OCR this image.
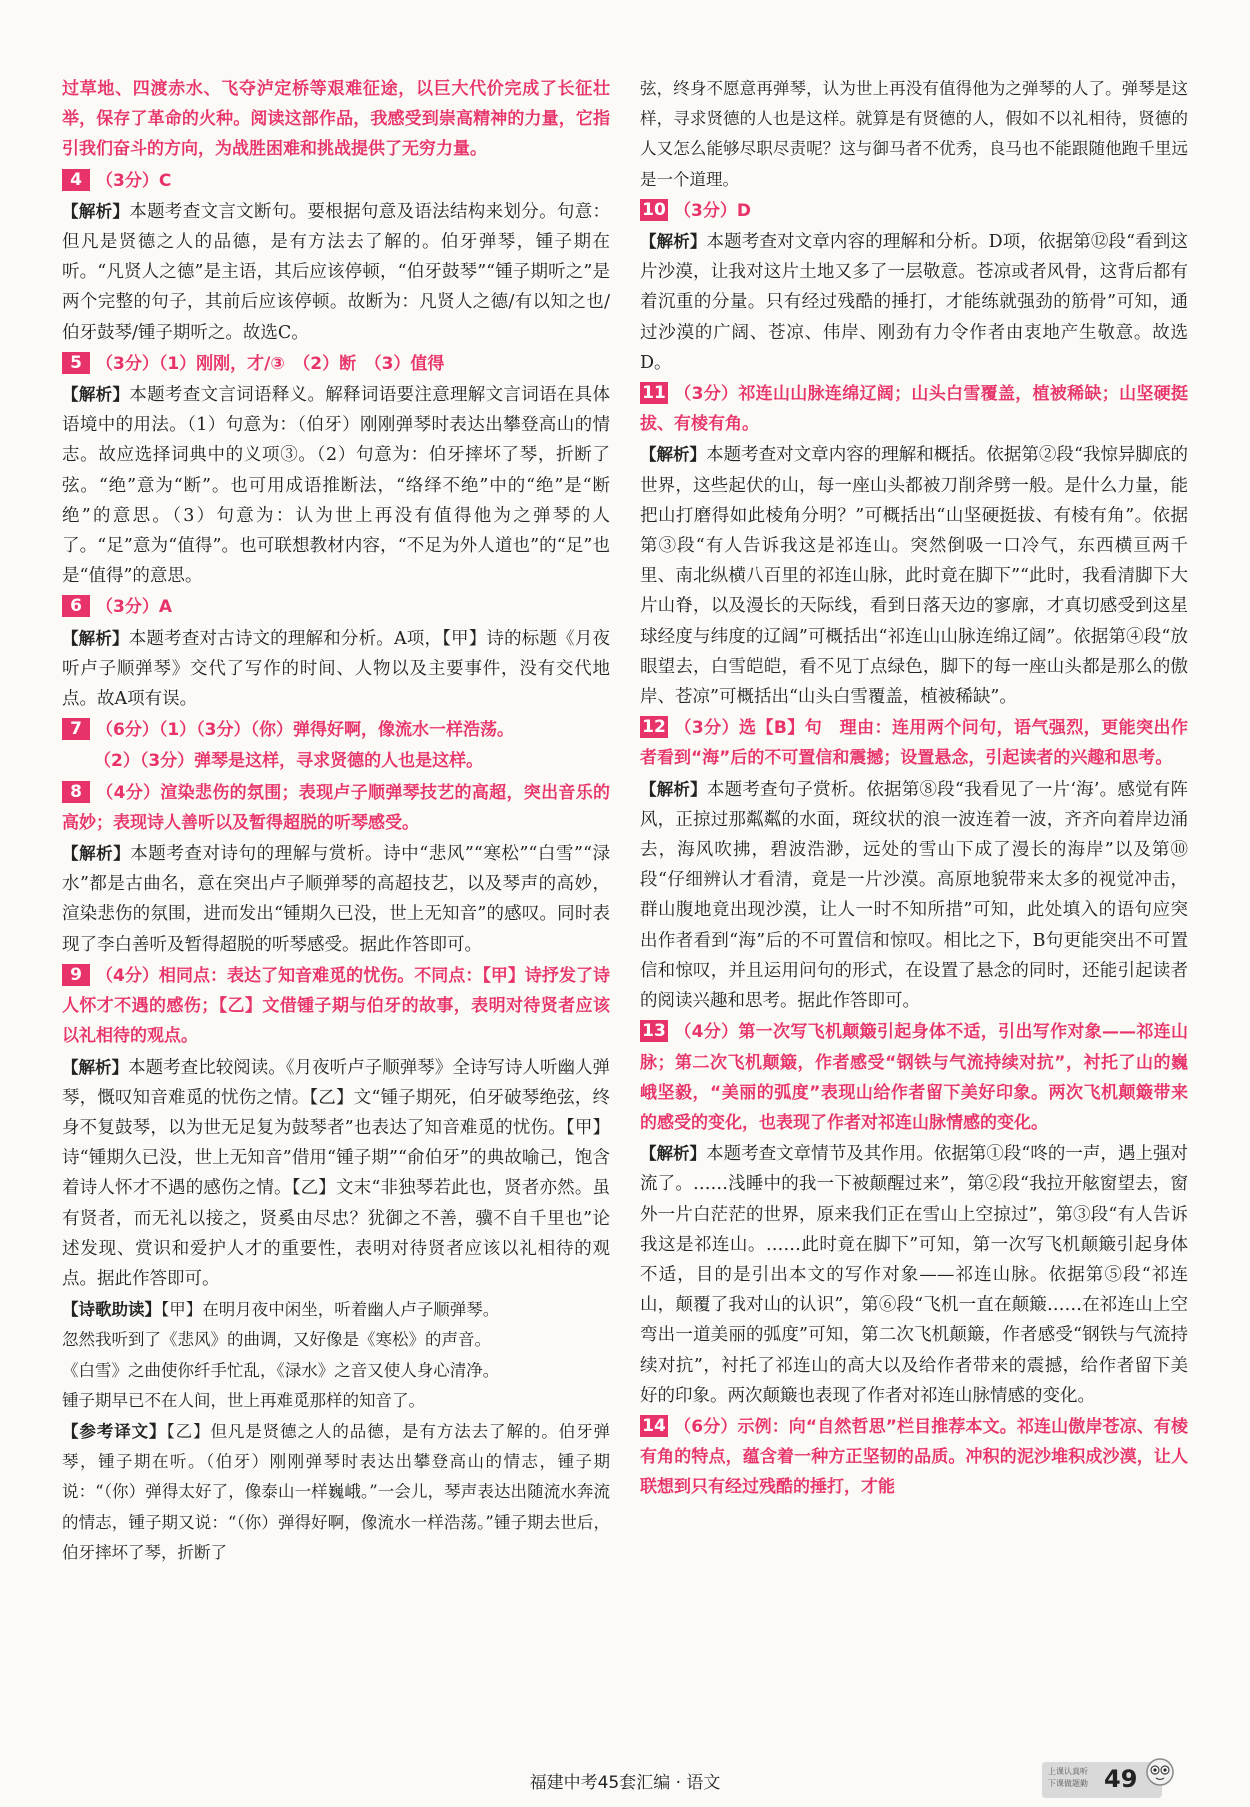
过草地、四渡赤水、飞夺泸定桥等艰难征途，以巨大代价完成了长征壮举，保存了革命的火种。阅读这部作品，我感受到崇高精神的力量，它指引我们奋斗的方向，为战胜困难和挑战提供了无穷力量。
4 （3分）C
【解析】本题考查文言文断句。要根据句意及语法结构来划分。句意：但凡是贤德之人的品德，是有方法去了解的。伯牙弹琴，锺子期在听。“凡贤人之德”是主语，其后应该停顿，“伯牙鼓琴”“锺子期听之”是两个完整的句子，其前后应该停顿。故断为：凡贤人之德/有以知之也/伯牙鼓琴/锺子期听之。故选C。
5 （3分）（1）刚刚，才/③　（2）断　（3）值得
【解析】本题考查文言词语释义。解释词语要注意理解文言词语在具体语境中的用法。（1）句意为：（伯牙）刚刚弹琴时表达出攀登高山的情志。故应选择词典中的义项③。（2）句意为：伯牙摔坏了琴，折断了弦。“绝”意为“断”。也可用成语推断法，“络绎不绝”中的“绝”是“断绝”的意思。（3）句意为：认为世上再没有值得他为之弹琴的人了。“足”意为“值得”。也可联想教材内容，“不足为外人道也”的“足”也是“值得”的意思。
6 （3分）A
【解析】本题考查对古诗文的理解和分析。A项，【甲】诗的标题《月夜听卢子顺弹琴》交代了写作的时间、人物以及主要事件，没有交代地点。故A项有误。
7 （6分）（1）（3分）（你）弹得好啊，像流水一样浩荡。
（2）（3分）弹琴是这样，寻求贤德的人也是这样。
8 （4分）渲染悲伤的氛围；表现卢子顺弹琴技艺的高超，突出音乐的高妙；表现诗人善听以及暂得超脱的听琴感受。
【解析】本题考查对诗句的理解与赏析。诗中“悲风”“寒松”“白雪”“渌水”都是古曲名，意在突出卢子顺弹琴的高超技艺，以及琴声的高妙，渲染悲伤的氛围，进而发出“锺期久已没，世上无知音”的感叹。同时表现了李白善听及暂得超脱的听琴感受。据此作答即可。
9 （4分）相同点：表达了知音难觅的忧伤。不同点：【甲】诗抒发了诗人怀才不遇的感伤；【乙】文借锺子期与伯牙的故事，表明对待贤者应该以礼相待的观点。
【解析】本题考查比较阅读。《月夜听卢子顺弹琴》全诗写诗人听幽人弹琴，慨叹知音难觅的忧伤之情。【乙】文“锺子期死，伯牙破琴绝弦，终身不复鼓琴，以为世无足复为鼓琴者”也表达了知音难觅的忧伤。【甲】诗“锺期久已没，世上无知音”借用“锺子期”“俞伯牙”的典故喻己，饱含着诗人怀才不遇的感伤之情。【乙】文末“非独琴若此也，贤者亦然。虽有贤者，而无礼以接之，贤奚由尽忠？犹御之不善，骥不自千里也”论述发现、赏识和爱护人才的重要性，表明对待贤者应该以礼相待的观点。据此作答即可。
【诗歌助读】【甲】在明月夜中闲坐，听着幽人卢子顺弹琴。
忽然我听到了《悲风》的曲调，又好像是《寒松》的声音。
《白雪》之曲使你纤手忙乱，《渌水》之音又使人身心清净。
锺子期早已不在人间，世上再难觅那样的知音了。
【参考译文】【乙】但凡是贤德之人的品德，是有方法去了解的。伯牙弹琴，锺子期在听。（伯牙）刚刚弹琴时表达出攀登高山的情志，锺子期说：“（你）弹得太好了，像泰山一样巍峨。”一会儿，琴声表达出随流水奔流的情志，锺子期又说：“（你）弹得好啊，像流水一样浩荡。”锺子期去世后，伯牙摔坏了琴，折断了
弦，终身不愿意再弹琴，认为世上再没有值得他为之弹琴的人了。弹琴是这样，寻求贤德的人也是这样。就算是有贤德的人，假如不以礼相待，贤德的人又怎么能够尽职尽责呢？这与御马者不优秀，良马也不能跟随他跑千里远是一个道理。
10 （3分）D
【解析】本题考查对文章内容的理解和分析。D项，依据第⑫段“看到这片沙漠，让我对这片土地又多了一层敬意。苍凉或者风骨，这背后都有着沉重的分量。只有经过残酷的捶打，才能练就强劲的筋骨”可知，通过沙漠的广阔、苍凉、伟岸、刚劲有力令作者由衷地产生敬意。故选D。
11 （3分）祁连山山脉连绵辽阔；山头白雪覆盖，植被稀缺；山坚硬挺拔、有棱有角。
【解析】本题考查对文章内容的理解和概括。依据第②段“我惊异脚底的世界，这些起伏的山，每一座山头都被刀削斧劈一般。是什么力量，能把山打磨得如此棱角分明？”可概括出“山坚硬挺拔、有棱有角”。依据第③段“有人告诉我这是祁连山。突然倒吸一口冷气，东西横亘两千里、南北纵横八百里的祁连山脉，此时竟在脚下”“此时，我看清脚下大片山脊，以及漫长的天际线，看到日落天边的寥廓，才真切感受到这星球经度与纬度的辽阔”可概括出“祁连山山脉连绵辽阔”。依据第④段“放眼望去，白雪皑皑，看不见丁点绿色，脚下的每一座山头都是那么的傲岸、苍凉”可概括出“山头白雪覆盖，植被稀缺”。
12 （3分）选【B】句　理由：连用两个问句，语气强烈，更能突出作者看到“海”后的不可置信和震撼；设置悬念，引起读者的兴趣和思考。
【解析】本题考查句子赏析。依据第⑧段“我看见了一片‘海’。感觉有阵风，正掠过那粼粼的水面，斑纹状的浪一波连着一波，齐齐向着岸边涌去，海风吹拂，碧波浩渺，远处的雪山下成了漫长的海岸”以及第⑩段“仔细辨认才看清，竟是一片沙漠。高原地貌带来太多的视觉冲击，群山腹地竟出现沙漠，让人一时不知所措”可知，此处填入的语句应突出作者看到“海”后的不可置信和惊叹。相比之下，B句更能突出不可置信和惊叹，并且运用问句的形式，在设置了悬念的同时，还能引起读者的阅读兴趣和思考。据此作答即可。
13 （4分）第一次写飞机颠簸引起身体不适，引出写作对象——祁连山脉；第二次飞机颠簸，作者感受“钢铁与气流持续对抗”，衬托了山的巍峨坚毅，“美丽的弧度”表现山给作者留下美好印象。两次飞机颠簸带来的感受的变化，也表现了作者对祁连山脉情感的变化。
【解析】本题考查文章情节及其作用。依据第①段“咚的一声，遇上强对流了。……浅睡中的我一下被颠醒过来”，第②段“我拉开舷窗望去，窗外一片白茫茫的世界，原来我们正在雪山上空掠过”，第③段“有人告诉我这是祁连山。……此时竟在脚下”可知，第一次写飞机颠簸引起身体不适，目的是引出本文的写作对象——祁连山脉。依据第⑤段“祁连山，颠覆了我对山的认识”，第⑥段“飞机一直在颠簸……在祁连山上空弯出一道美丽的弧度”可知，第二次飞机颠簸，作者感受“钢铁与气流持续对抗”，衬托了祁连山的高大以及给作者带来的震撼，给作者留下美好的印象。两次颠簸也表现了作者对祁连山脉情感的变化。
14 （6分）示例：向“自然哲思”栏目推荐本文。祁连山傲岸苍凉、有棱有角的特点，蕴含着一种方正坚韧的品质。冲积的泥沙堆积成沙漠，让人联想到只有经过残酷的捶打，才能
福建中考45套汇编 · 语文
上课认真听
下课做题勤 49
